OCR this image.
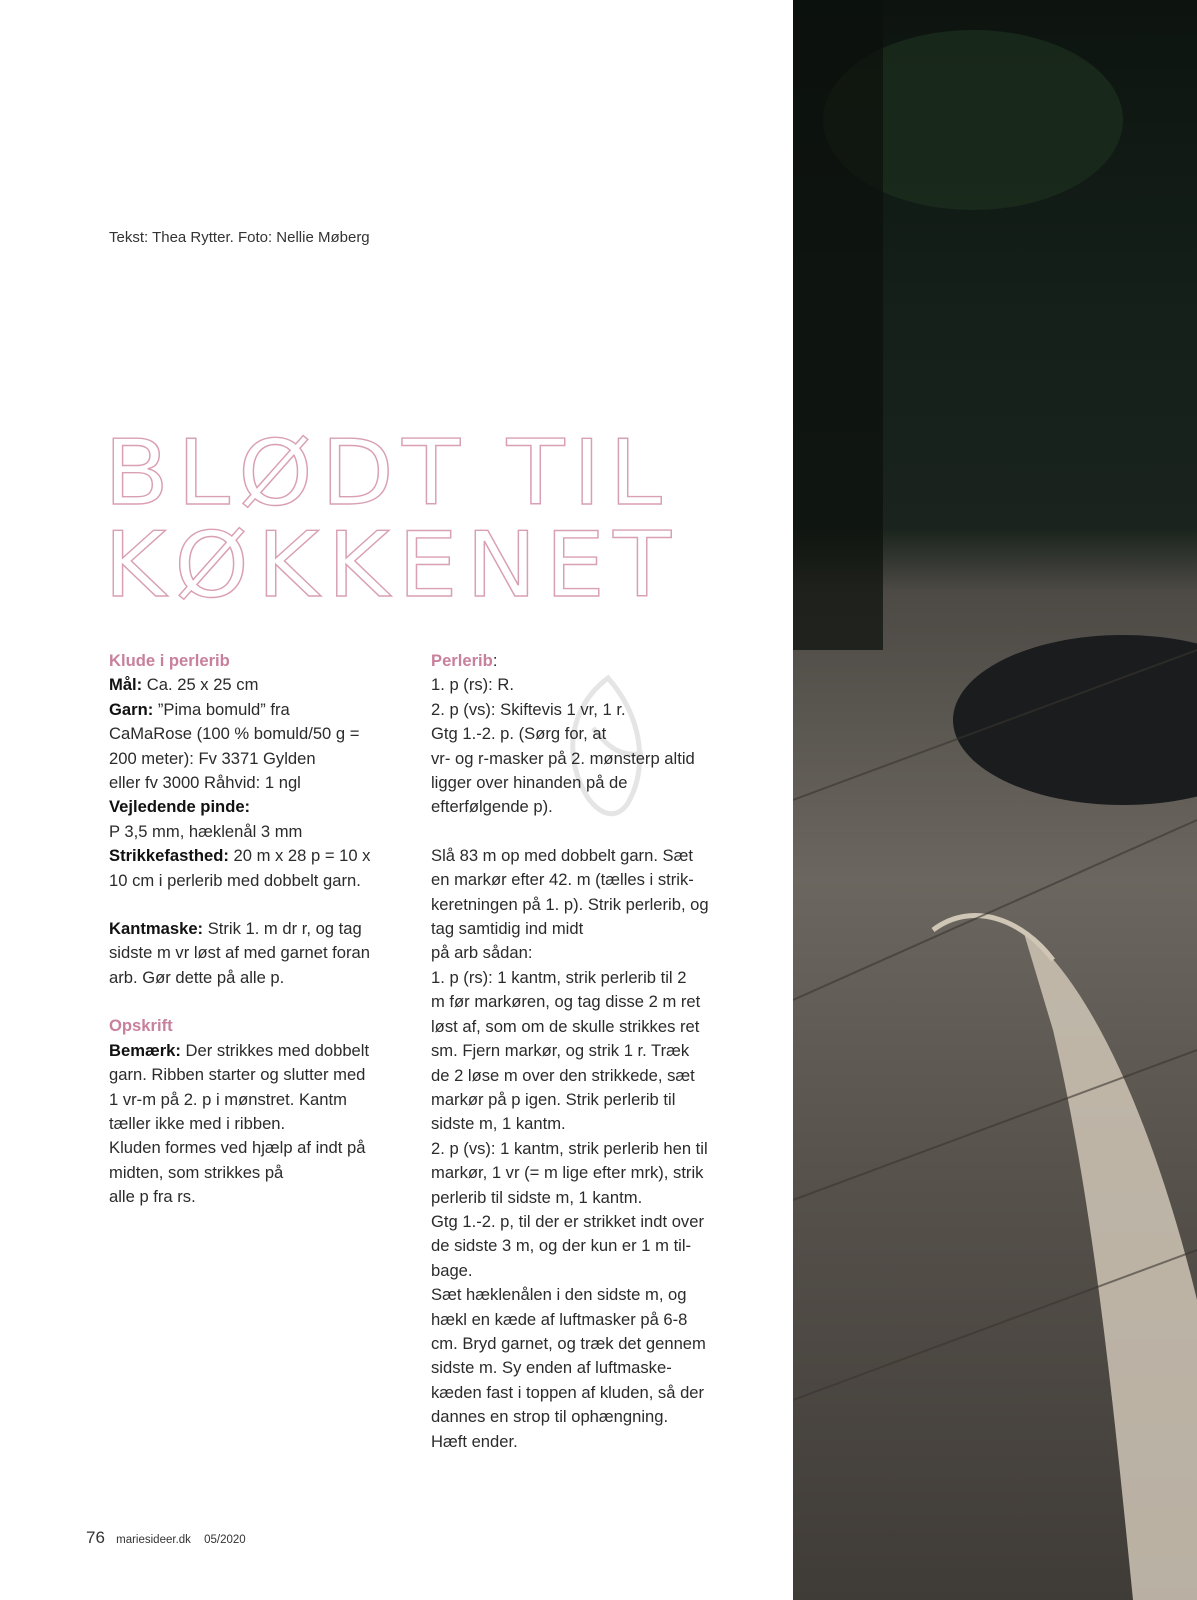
Tekst: Thea Rytter. Foto: Nellie Møberg
BLØDT TIL
KØKKENET

Klude i perlerib

Mål: Ca. 25 x 25 cm

Garn: ”Pima bomuld” fra

CaMaRose (100 % bomuld/50 g =

200 meter): Fv 3371 Gylden

eller fv 3000 Råhvid: 1 ngl

Vejledende pinde:

P 3,5 mm, hæklenål 3 mm

Strikkefasthed: 20 m x 28 p = 10 x

10 cm i perlerib med dobbelt garn.

Kantmaske: Strik 1. m dr r, og tag

sidste m vr løst af med garnet foran

arb. Gør dette på alle p.

Opskrift

Bemærk: Der strikkes med dobbelt

garn. Ribben starter og slutter med

1 vr-m på 2. p i mønstret. Kantm

tæller ikke med i ribben.

Kluden formes ved hjælp af indt på

midten, som strikkes på

alle p fra rs.

Perlerib:

1. p (rs): R.

2. p (vs): Skiftevis 1 vr, 1 r.

Gtg 1.-2. p. (Sørg for, at

vr- og r-masker på 2. mønsterp altid

ligger over hinanden på de

efterfølgende p).

Slå 83 m op med dobbelt garn. Sæt

en markør efter 42. m (tælles i strik-

keretningen på 1. p). Strik perlerib, og

tag samtidig ind midt

på arb sådan:

1. p (rs): 1 kantm, strik perlerib til 2

m før markøren, og tag disse 2 m ret

løst af, som om de skulle strikkes ret

sm. Fjern markør, og strik 1 r. Træk

de 2 løse m over den strikkede, sæt

markør på p igen. Strik perlerib til

sidste m, 1 kantm.

2. p (vs): 1 kantm, strik perlerib hen til

markør, 1 vr (= m lige efter mrk), strik

perlerib til sidste m, 1 kantm.

Gtg 1.-2. p, til der er strikket indt over

de sidste 3 m, og der kun er 1 m til-

bage.

Sæt hæklenålen i den sidste m, og

hækl en kæde af luftmasker på 6-8

cm. Bryd garnet, og træk det gennem

sidste m. Sy enden af luftmaske-

kæden fast i toppen af kluden, så der

dannes en strop til ophængning.

Hæft ender.

76 mariesideer.dk 05/2020
